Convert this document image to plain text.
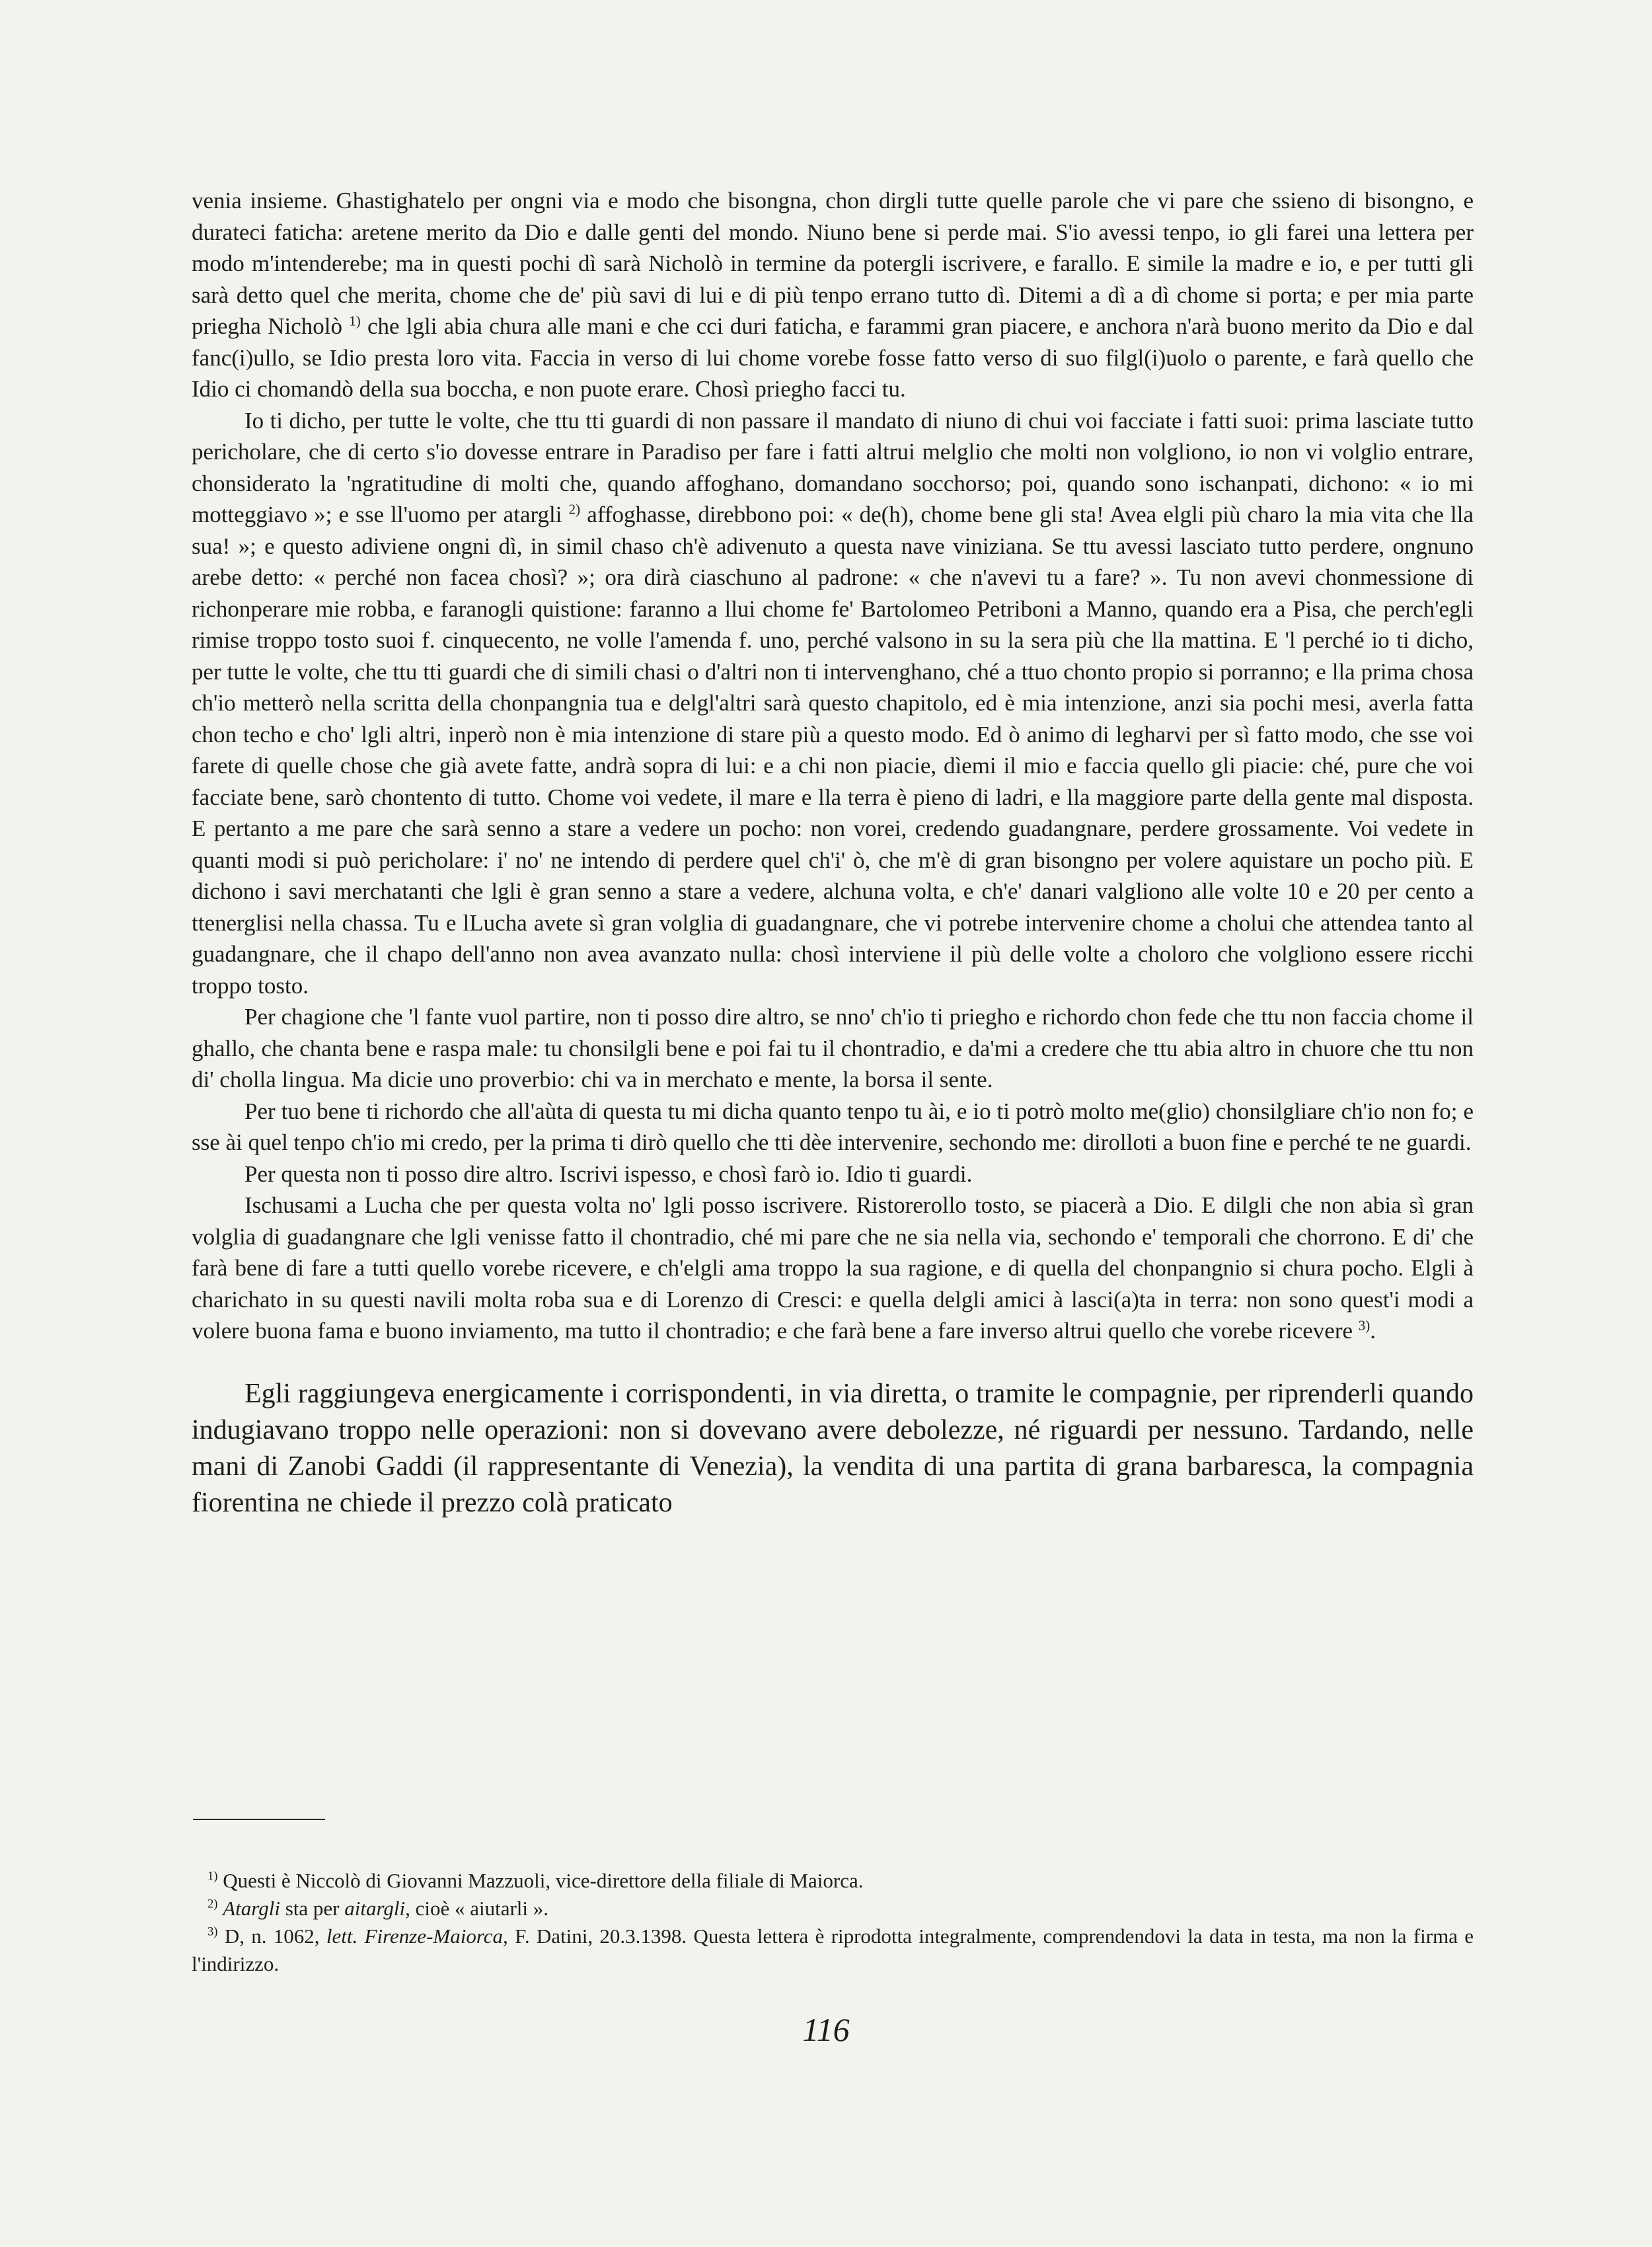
venia insieme. Ghastighatelo per ongni via e modo che bisongna, chon dirgli tutte quelle parole che vi pare che ssieno di bisongno, e durateci faticha: aretene merito da Dio e dalle genti del mondo. Niuno bene si perde mai. S'io avessi tenpo, io gli farei una lettera per modo m'intenderebe; ma in questi pochi dì sarà Nicholò in termine da potergli iscrivere, e farallo. E simile la madre e io, e per tutti gli sarà detto quel che merita, chome che de' più savi di lui e di più tenpo errano tutto dì. Ditemi a dì a dì chome si porta; e per mia parte priegha Nicholò $^{1)}$ che lgli abia chura alle mani e che cci duri faticha, e farammi gran piacere, e anchora n'arà buono merito da Dio e dal fanc(i)ullo, se Idio presta loro vita. Faccia in verso di lui chome vorebe fosse fatto verso di suo filgl(i)uolo o parente, e farà quello che Idio ci chomandò della sua boccha, e non puote erare. Chosì priegho facci tu.

Io ti dicho, per tutte le volte, che ttu tti guardi di non passare il mandato di niuno di chui voi facciate i fatti suoi: prima lasciate tutto pericholare, che di certo s'io dovesse entrare in Paradiso per fare i fatti altrui melglio che molti non volgliono, io non vi volglio entrare, chonsiderato la 'ngratitudine di molti che, quando affoghano, domandano socchorso; poi, quando sono ischanpati, dichono: « io mi motteggiavo »; e sse ll'uomo per atargli $^{2)}$ affoghasse, direbbono poi: « de(h), chome bene gli sta! Avea elgli più charo la mia vita che lla sua! »; e questo adiviene ongni dì, in simil chaso ch'è adivenuto a questa nave viniziana. Se ttu avessi lasciato tutto perdere, ongnuno arebe detto: « perché non facea chosì? »; ora dirà ciaschuno al padrone: « che n'avevi tu a fare? ». Tu non avevi chonmessione di richonperare mie robba, e faranogli quistione: faranno a llui chome fe' Bartolomeo Petriboni a Manno, quando era a Pisa, che perch'egli rimise troppo tosto suoi f. cinquecento, ne volle l'amenda f. uno, perché valsono in su la sera più che lla mattina. E 'l perché io ti dicho, per tutte le volte, che ttu tti guardi che di simili chasi o d'altri non ti intervenghano, ché a ttuo chonto propio si porranno; e lla prima chosa ch'io metterò nella scritta della chonpangnia tua e delgl'altri sarà questo chapitolo, ed è mia intenzione, anzi sia pochi mesi, averla fatta chon techo e cho' lgli altri, inperò non è mia intenzione di stare più a questo modo. Ed ò animo di legharvi per sì fatto modo, che sse voi farete di quelle chose che già avete fatte, andrà sopra di lui: e a chi non piacie, dìemi il mio e faccia quello gli piacie: ché, pure che voi facciate bene, sarò chontento di tutto. Chome voi vedete, il mare e lla terra è pieno di ladri, e lla maggiore parte della gente mal disposta. E pertanto a me pare che sarà senno a stare a vedere un pocho: non vorei, credendo guadangnare, perdere grossamente. Voi vedete in quanti modi si può pericholare: i' no' ne intendo di perdere quel ch'i' ò, che m'è di gran bisongno per volere aquistare un pocho più. E dichono i savi merchatanti che lgli è gran senno a stare a vedere, alchuna volta, e ch'e' danari valgliono alle volte 10 e 20 per cento a ttenerglisi nella chassa. Tu e lLucha avete sì gran volglia di guadangnare, che vi potrebe intervenire chome a cholui che attendea tanto al guadangnare, che il chapo dell'anno non avea avanzato nulla: chosì interviene il più delle volte a choloro che volgliono essere ricchi troppo tosto.

Per chagione che 'l fante vuol partire, non ti posso dire altro, se nno' ch'io ti priegho e richordo chon fede che ttu non faccia chome il ghallo, che chanta bene e raspa male: tu chonsilgli bene e poi fai tu il chontradio, e da'mi a credere che ttu abia altro in chuore che ttu non di' cholla lingua. Ma dicie uno proverbio: chi va in merchato e mente, la borsa il sente.

Per tuo bene ti richordo che all'aùta di questa tu mi dicha quanto tenpo tu ài, e io ti potrò molto me(glio) chonsilgliare ch'io non fo; e sse ài quel tenpo ch'io mi credo, per la prima ti dirò quello che tti dèe intervenire, sechondo me: dirolloti a buon fine e perché te ne guardi.

Per questa non ti posso dire altro. Iscrivi ispesso, e chosì farò io. Idio ti guardi.

Ischusami a Lucha che per questa volta no' lgli posso iscrivere. Ristorerollo tosto, se piacerà a Dio. E dilgli che non abia sì gran volglia di guadangnare che lgli venisse fatto il chontradio, ché mi pare che ne sia nella via, sechondo e' temporali che chorrono. E di' che farà bene di fare a tutti quello vorebe ricevere, e ch'elgli ama troppo la sua ragione, e di quella del chonpangnio si chura pocho. Elgli à charichato in su questi navili molta roba sua e di Lorenzo di Cresci: e quella delgli amici à lasci(a)ta in terra: non sono quest'i modi a volere buona fama e buono inviamento, ma tutto il chontradio; e che farà bene a fare inverso altrui quello che vorebe ricevere $^{3)}$.

Egli raggiungeva energicamente i corrispondenti, in via diretta, o tramite le compagnie, per riprenderli quando indugiavano troppo nelle operazioni: non si dovevano avere debolezze, né riguardi per nessuno. Tardando, nelle mani di Zanobi Gaddi (il rappresentante di Venezia), la vendita di una partita di grana barbaresca, la compagnia fiorentina ne chiede il prezzo colà praticato

$^{1)}$ Questi è Niccolò di Giovanni Mazzuoli, vice-direttore della filiale di Maiorca.

$^{2)}$ Atargli sta per aitargli, cioè « aiutarli ».

$^{3)}$ D, n. 1062, lett. Firenze-Maiorca, F. Datini, 20.3.1398. Questa lettera è riprodotta integralmente, comprendendovi la data in testa, ma non la firma e l'indirizzo.

116
